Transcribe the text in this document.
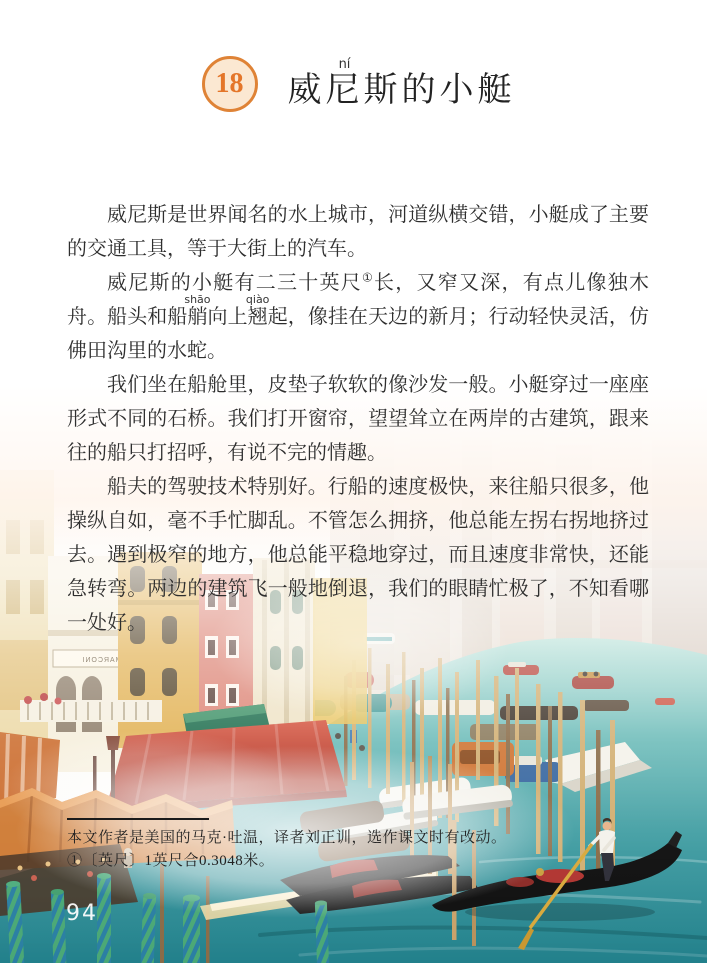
18	威尼ní斯的小艇

威尼斯是世界闻名的水上城市，河道纵横交错，小艇成了主要的交通工具，等于大街上的汽车。

威尼斯的小艇有二三十英尺①长，又窄又深，有点儿像独木舟。船头和船艄shāo向上翘qiào起，像挂在天边的新月；行动轻快灵活，仿佛田沟里的水蛇。

我们坐在船舱里，皮垫子软软的像沙发一般。小艇穿过一座座形式不同的石桥。我们打开窗帘，望望耸立在两岸的古建筑，跟来往的船只打招呼，有说不完的情趣。

船夫的驾驶技术特别好。行船的速度极快，来往船只很多，他操纵自如，毫不手忙脚乱。不管怎么拥挤，他总能左拐右拐地挤过去。遇到极窄的地方，他总能平稳地穿过，而且速度非常快，还能急转弯。两边的建筑飞一般地倒退，我们的眼睛忙极了，不知看哪一处好。

本文作者是美国的马克·吐温，译者刘正训，选作课文时有改动。
①〔英尺〕1英尺合0.3048米。
94
